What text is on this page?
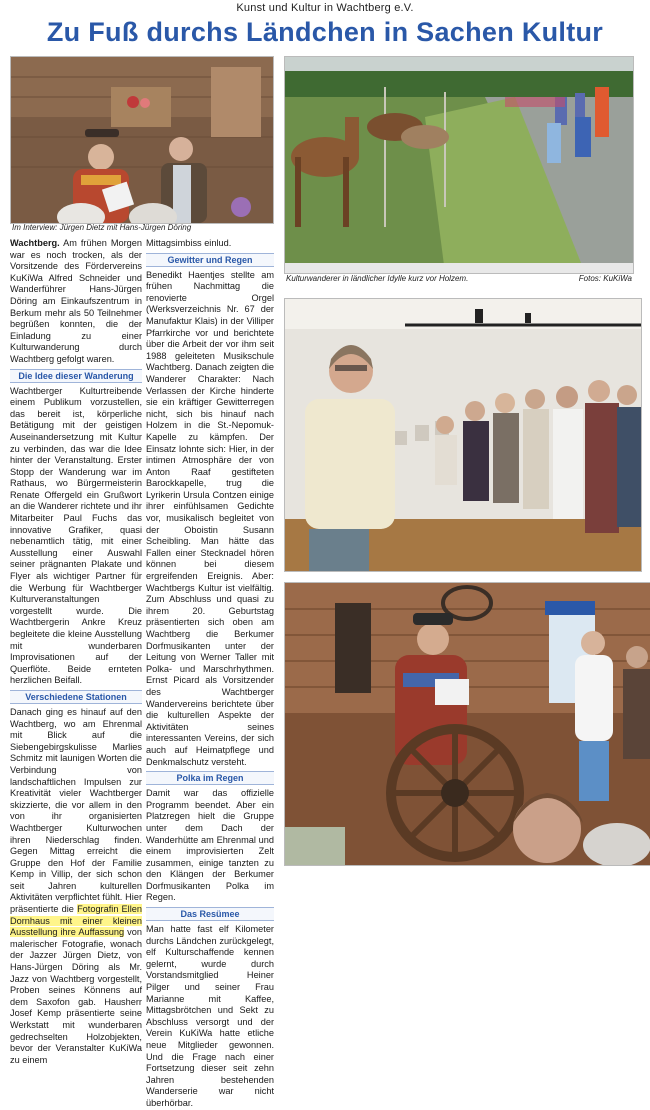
Kunst und Kultur in Wachtberg e.V.
Zu Fuß durchs Ländchen in Sachen Kultur
Im Interview: Jürgen Dietz mit Hans-Jürgen Döring
Kulturwanderer in ländlicher Idylle kurz vor Holzem.	Fotos: KuKiWa

Wachtberg. Am frühen Morgen war es noch trocken, als der Vorsitzende des Fördervereins KuKiWa Alfred Schneider und Wanderführer Hans-Jürgen Döring am Einkaufszentrum in Berkum mehr als 50 Teilnehmer begrüßen konnten, die der Einladung zu einer Kulturwanderung durch Wachtberg gefolgt waren.

Die Idee dieser Wanderung

Wachtberger Kulturtreibende einem Publikum vorzustellen, das bereit ist, körperliche Betätigung mit der geistigen Auseinandersetzung mit Kultur zu verbinden, das war die Idee hinter der Veranstaltung. Erster Stopp der Wanderung war im Rathaus, wo Bürgermeisterin Renate Offergeld ein Grußwort an die Wanderer richtete und ihr Mitarbeiter Paul Fuchs das innovative Grafiker, quasi nebenamtlich tätig, mit einer Ausstellung einer Auswahl seiner prägnanten Plakate und Flyer als wichtiger Partner für die Werbung für Wachtberger Kulturveranstaltungen vorgestellt wurde. Die Wachtbergerin Ankre Kreuz begleitete die kleine Ausstellung mit wunderbaren Improvisationen auf der Querflöte. Beide ernteten herzlichen Beifall.

Verschiedene Stationen

Danach ging es hinauf auf den Wachtberg, wo am Ehrenmal mit Blick auf die Siebengebirgskulisse Marlies Schmitz mit launigen Worten die Verbindung von landschaftlichen Impulsen zur Kreativität vieler Wachtberger skizzierte, die vor allem in den von ihr organisierten Wachtberger Kulturwochen ihren Niederschlag finden. Gegen Mittag erreicht die Gruppe den Hof der Familie Kemp in Villip, der sich schon seit Jahren kulturellen Aktivitäten verpflichtet fühlt. Hier präsentierte die Fotografin Ellen Dornhaus mit einer kleinen Ausstellung ihre Auffassung von malerischer Fotografie, wonach der Jazzer Jürgen Dietz, von Hans-Jürgen Döring als Mr. Jazz von Wachtberg vorgestellt, Proben seines Könnens auf dem Saxofon gab. Hausherr Josef Kemp präsentierte seine Werkstatt mit wunderbaren gedrechselten Holzobjekten, bevor der Veranstalter KuKiWa zu einem

Mittagsimbiss einlud.

Gewitter und Regen

Benedikt Haentjes stellte am frühen Nachmittag die renovierte Orgel (Werksverzeichnis Nr. 67 der Manufaktur Klais) in der Villiper Pfarrkirche vor und berichtete über die Arbeit der vor ihm seit 1988 geleiteten Musikschule Wachtberg. Danach zeigten die Wanderer Charakter: Nach Verlassen der Kirche hinderte sie ein kräftiger Gewitterregen nicht, sich bis hinauf nach Holzem in die St.-Nepomuk-Kapelle zu kämpfen. Der Einsatz lohnte sich: Hier, in der intimen Atmosphäre der von Anton Raaf gestifteten Barockkapelle, trug die Lyrikerin Ursula Contzen einige ihrer einfühlsamen Gedichte vor, musikalisch begleitet von der Oboistin Susann Scheibling. Man hätte das Fallen einer Stecknadel hören können bei diesem ergreifenden Ereignis. Aber: Wachtbergs Kultur ist vielfältig. Zum Abschluss und quasi zu ihrem 20. Geburtstag präsentierten sich oben am Wachtberg die Berkumer Dorfmusikanten unter der Leitung von Werner Taller mit Polka- und Marschrhythmen. Ernst Picard als Vorsitzender des Wachtberger Wandervereins berichtete über die kulturellen Aspekte der Aktivitäten seines interessanten Vereins, der sich auch auf Heimatpflege und Denkmalschutz versteht.

Polka im Regen

Damit war das offizielle Programm beendet. Aber ein Platzregen hielt die Gruppe unter dem Dach der Wanderhütte am Ehrenmal und einem improvisierten Zelt zusammen, einige tanzten zu den Klängen der Berkumer Dorfmusikanten Polka im Regen.

Das Resümee

Man hatte fast elf Kilometer durchs Ländchen zurückgelegt, elf Kulturschaffende kennen gelernt, wurde durch Vorstandsmitglied Heiner Pilger und seiner Frau Marianne mit Kaffee, Mittagsbrötchen und Sekt zu Abschluss versorgt und der Verein KuKiWa hatte etliche neue Mitglieder gewonnen. Und die Frage nach einer Fortsetzung dieser seit zehn Jahren bestehenden Wanderserie war nicht überhörbar.
